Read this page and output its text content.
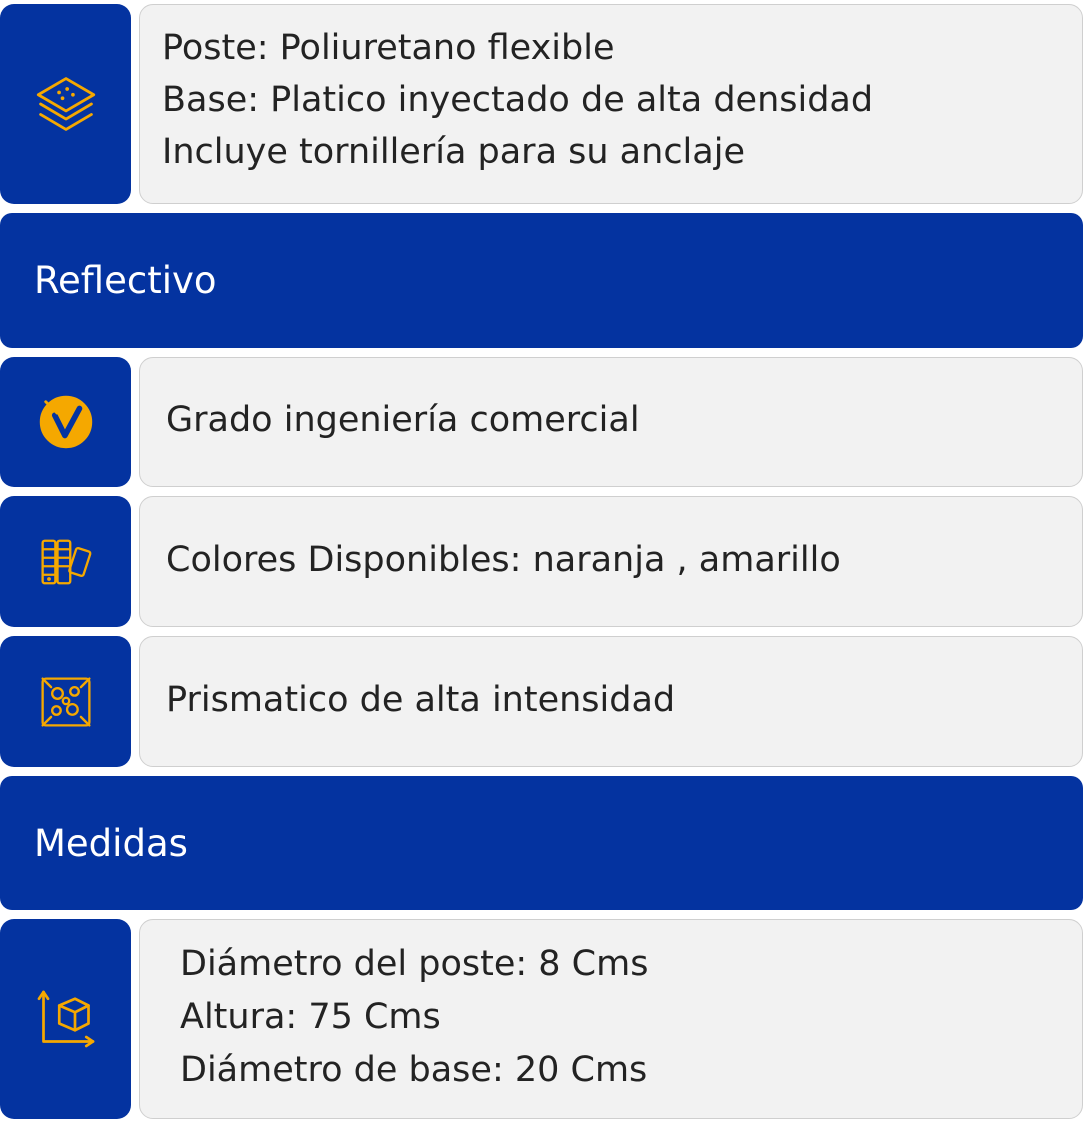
Poste: Poliuretano flexible
Base: Platico inyectado de alta densidad
Incluye tornillería para su anclaje
Reflectivo
Grado ingeniería comercial
Colores Disponibles: naranja , amarillo
Prismatico de alta intensidad
Medidas
Diámetro del poste: 8 Cms
Altura: 75 Cms
Diámetro de base: 20 Cms
